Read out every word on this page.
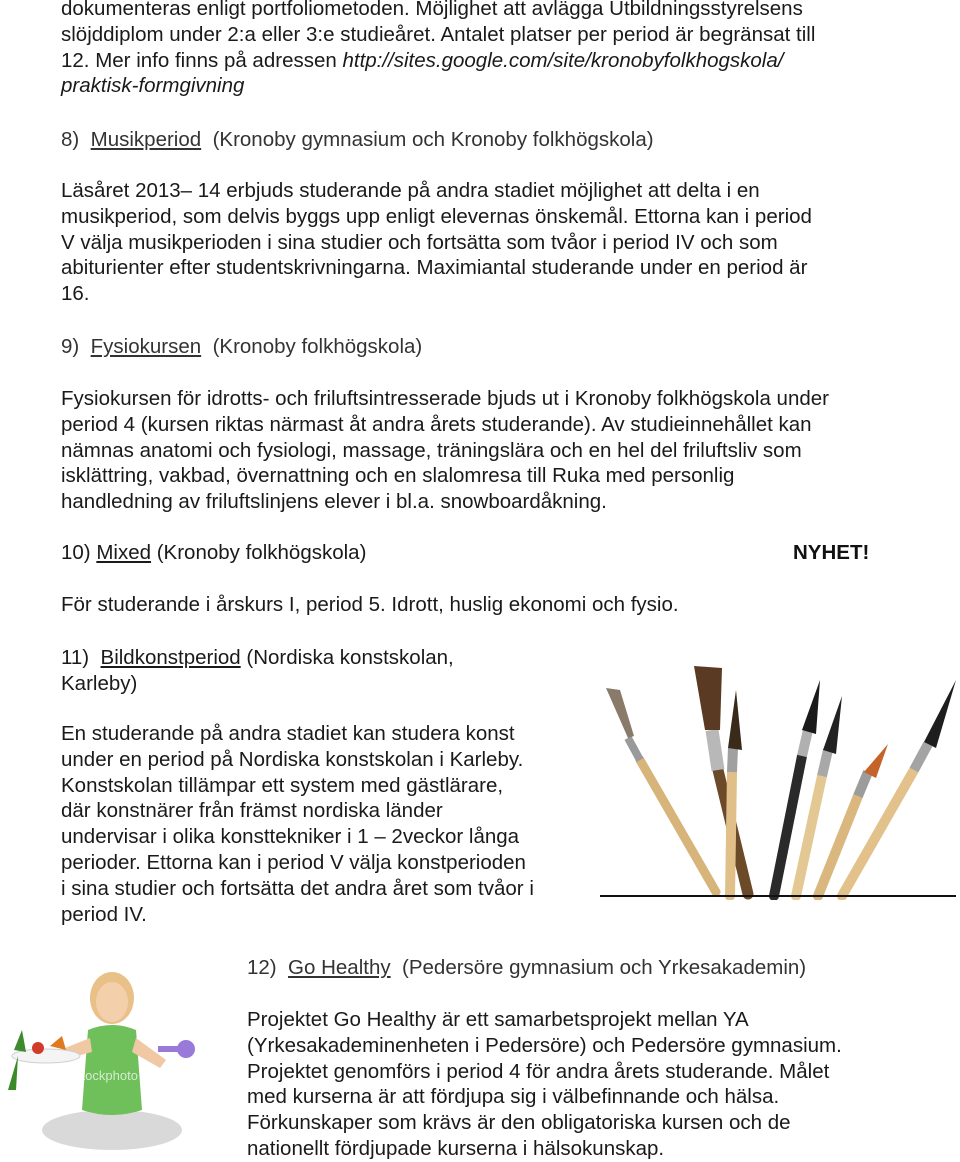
dokumenteras enligt portfoliometoden. Möjlighet att avlägga Utbildningsstyrelsens
slöjddiplom under 2:a eller 3:e studieåret. Antalet platser per period är begränsat till
12. Mer info finns på adressen http://sites.google.com/site/kronobyfolkhogskola/
praktisk-formgivning
8) Musikperiod (Kronoby gymnasium och Kronoby folkhögskola)
Läsåret 2013– 14 erbjuds studerande på andra stadiet möjlighet att delta i en
musikperiod, som delvis byggs upp enligt elevernas önskemål. Ettorna kan i period
V välja musikperioden i sina studier och fortsätta som tvåor i period IV och som
abiturienter efter studentskrivningarna. Maximiantal studerande under en period är
16.
9) Fysiokursen (Kronoby folkhögskola)
Fysiokursen för idrotts- och friluftsintresserade bjuds ut i Kronoby folkhögskola under
period 4 (kursen riktas närmast åt andra årets studerande). Av studieinnehållet kan
nämnas anatomi och fysiologi, massage, träningslära och en hel del friluftsliv som
isklättring, vakbad, övernattning och en slalomresa till Ruka med personlig
handledning av friluftslinjens elever i bl.a. snowboardåkning.
10) Mixed (Kronoby folkhögskola)	NYHET!
För studerande i årskurs I, period 5. Idrott, huslig ekonomi och fysio.
11) Bildkonstperiod (Nordiska konstskolan,
Karleby)
En studerande på andra stadiet kan studera konst
under en period på Nordiska konstskolan i Karleby.
Konstskolan tillämpar ett system med gästlärare,
där konstnärer från främst nordiska länder
undervisar i olika konsttekniker i 1 – 2veckor långa
perioder. Ettorna kan i period V välja konstperioden
i sina studier och fortsätta det andra året som tvåor i
period IV.
iStockphoto
12) Go Healthy (Pedersöre gymnasium och Yrkesakademin)
Projektet Go Healthy är ett samarbetsprojekt mellan YA
(Yrkesakademinenheten i Pedersöre) och Pedersöre gymnasium.
Projektet genomförs i period 4 för andra årets studerande. Målet
med kurserna är att fördjupa sig i välbefinnande och hälsa.
Förkunskaper som krävs är den obligatoriska kursen och de
nationellt fördjupade kurserna i hälsokunskap.
